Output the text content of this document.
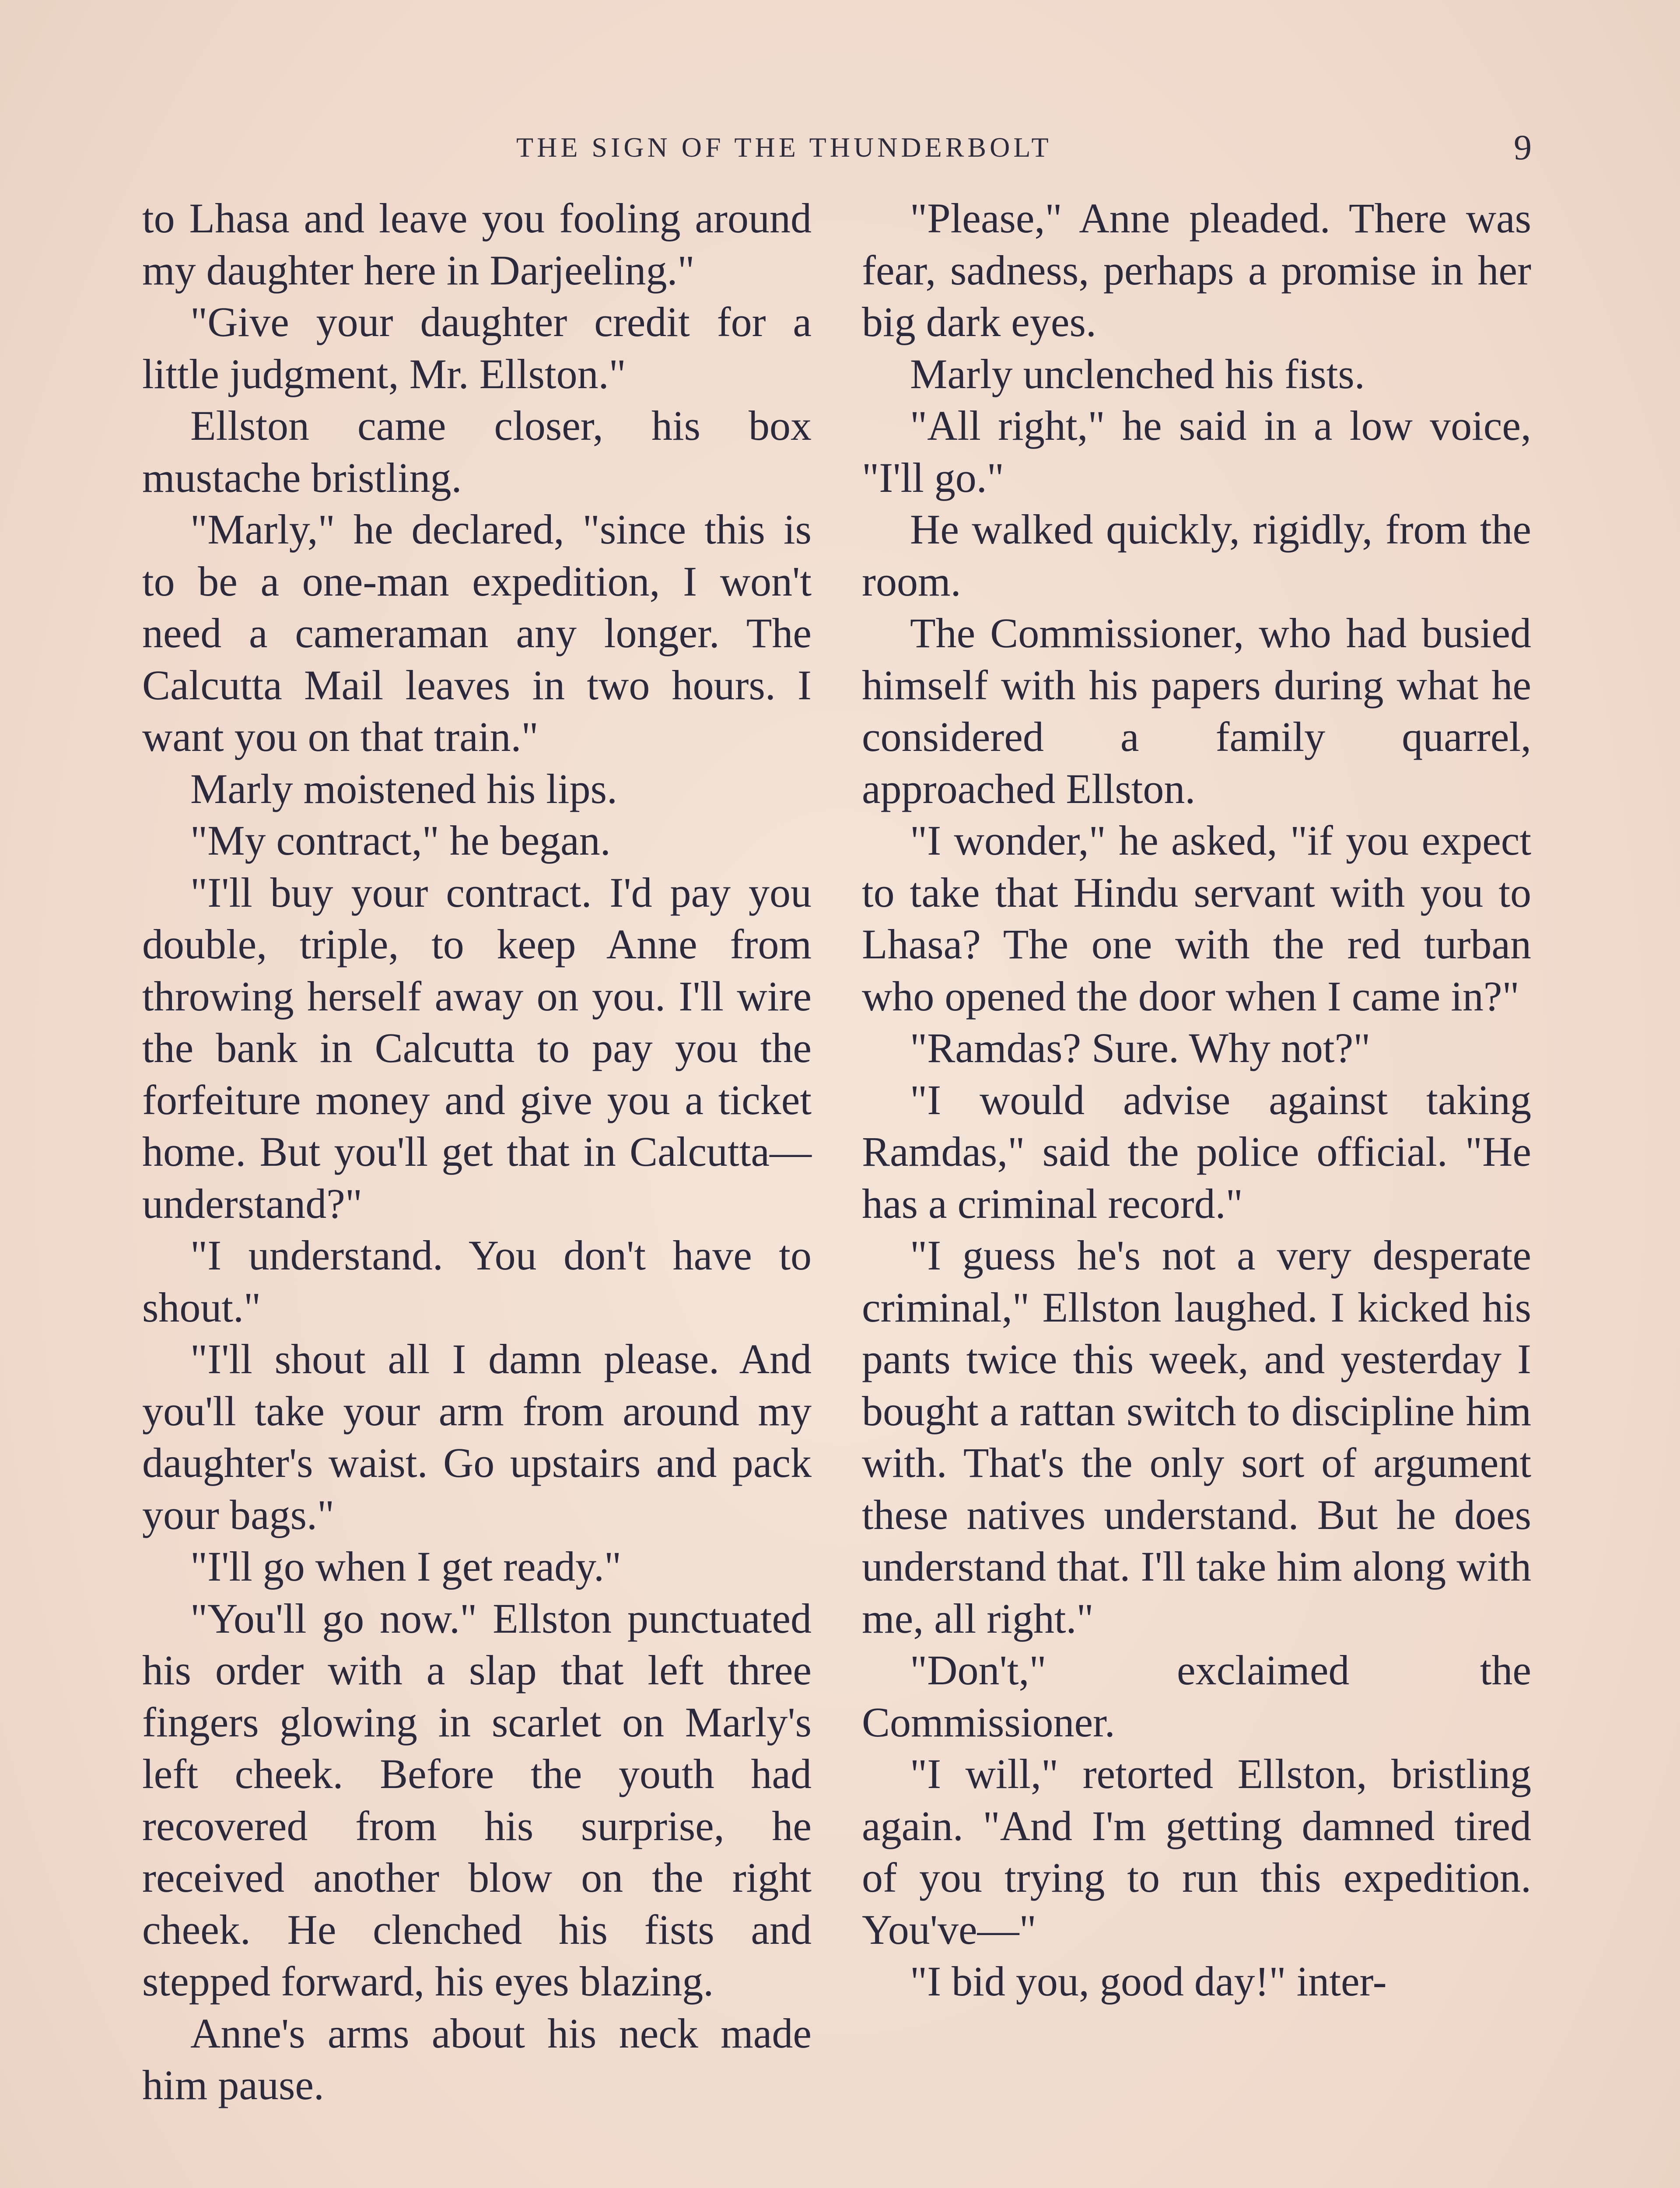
THE SIGN OF THE THUNDERBOLT	9

to Lhasa and leave you fooling around my daughter here in Darjeeling."

"Give your daughter credit for a little judgment, Mr. Ellston."

Ellston came closer, his box mustache bristling.

"Marly," he declared, "since this is to be a one-man expedition, I won't need a cameraman any longer. The Calcutta Mail leaves in two hours. I want you on that train."

Marly moistened his lips.

"My contract," he began.

"I'll buy your contract. I'd pay you double, triple, to keep Anne from throwing herself away on you. I'll wire the bank in Calcutta to pay you the forfeiture money and give you a ticket home. But you'll get that in Calcutta—understand?"

"I understand. You don't have to shout."

"I'll shout all I damn please. And you'll take your arm from around my daughter's waist. Go upstairs and pack your bags."

"I'll go when I get ready."

"You'll go now." Ellston punctuated his order with a slap that left three fingers glowing in scarlet on Marly's left cheek. Before the youth had recovered from his surprise, he received another blow on the right cheek. He clenched his fists and stepped forward, his eyes blazing.

Anne's arms about his neck made him pause.

"Please," Anne pleaded. There was fear, sadness, perhaps a promise in her big dark eyes.

Marly unclenched his fists.

"All right," he said in a low voice, "I'll go."

He walked quickly, rigidly, from the room.

The Commissioner, who had busied himself with his papers during what he considered a family quarrel, approached Ellston.

"I wonder," he asked, "if you expect to take that Hindu servant with you to Lhasa? The one with the red turban who opened the door when I came in?"

"Ramdas? Sure. Why not?"

"I would advise against taking Ramdas," said the police official. "He has a criminal record."

"I guess he's not a very desperate criminal," Ellston laughed. I kicked his pants twice this week, and yesterday I bought a rattan switch to discipline him with. That's the only sort of argument these natives understand. But he does understand that. I'll take him along with me, all right."

"Don't," exclaimed the Commissioner.

"I will," retorted Ellston, bristling again. "And I'm getting damned tired of you trying to run this expedition. You've—"

"I bid you, good day!" inter-
